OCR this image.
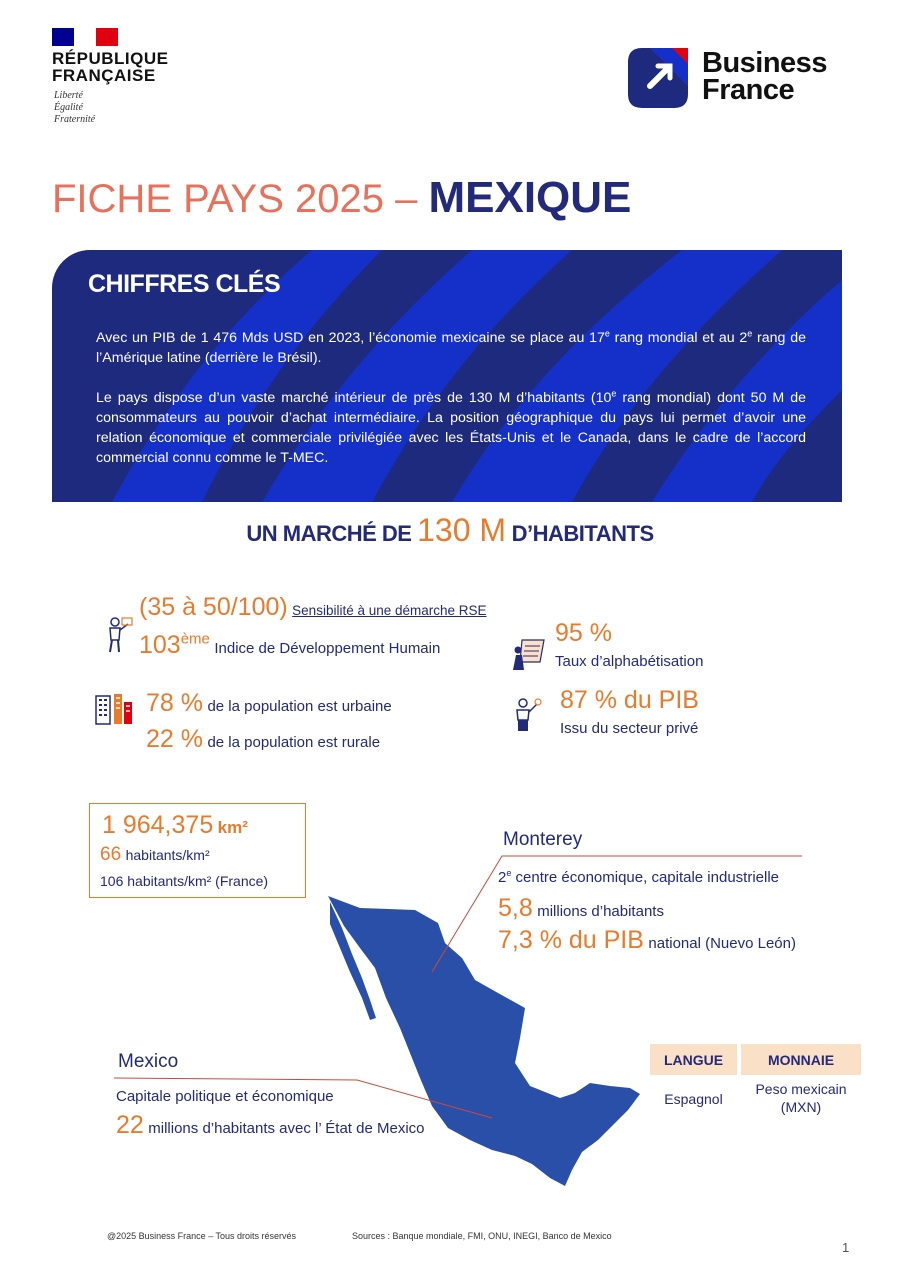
RÉPUBLIQUE
FRANÇAISE
Liberté
Égalité
Fraternité
Business
France
FICHE PAYS 2025 – MEXIQUE
CHIFFRES CLÉS

Avec un PIB de 1 476 Mds USD en 2023, l’économie mexicaine se place au 17e rang mondial et au 2e rang de l’Amérique latine (derrière le Brésil).

Le pays dispose d’un vaste marché intérieur de près de 130 M d’habitants (10e rang mondial) dont 50 M de consommateurs au pouvoir d’achat intermédiaire. La position géographique du pays lui permet d’avoir une relation économique et commerciale privilégiée avec les États-Unis et le Canada, dans le cadre de l’accord commercial connu comme le T-MEC.

UN MARCHÉ DE 130 M D’HABITANTS
(35 à 50/100) Sensibilité à une démarche RSE
103ème Indice de Développement Humain
95 %
Taux d’alphabétisation
78 % de la population est urbaine
22 % de la population est rurale
87 % du PIB
Issu du secteur privé
1 964,375 km²
66 habitants/km²
106 habitants/km² (France)
Monterey
2e centre économique, capitale industrielle
5,8 millions d’habitants
7,3 % du PIB national (Nuevo León)
Mexico
Capitale politique et économique
22 millions d’habitants avec l’ État de Mexico
LANGUE	MONNAIE
Espagnol
Peso mexicain
(MXN)
@2025 Business France – Tous droits réservés	Sources : Banque mondiale, FMI, ONU, INEGI, Banco de Mexico
1
